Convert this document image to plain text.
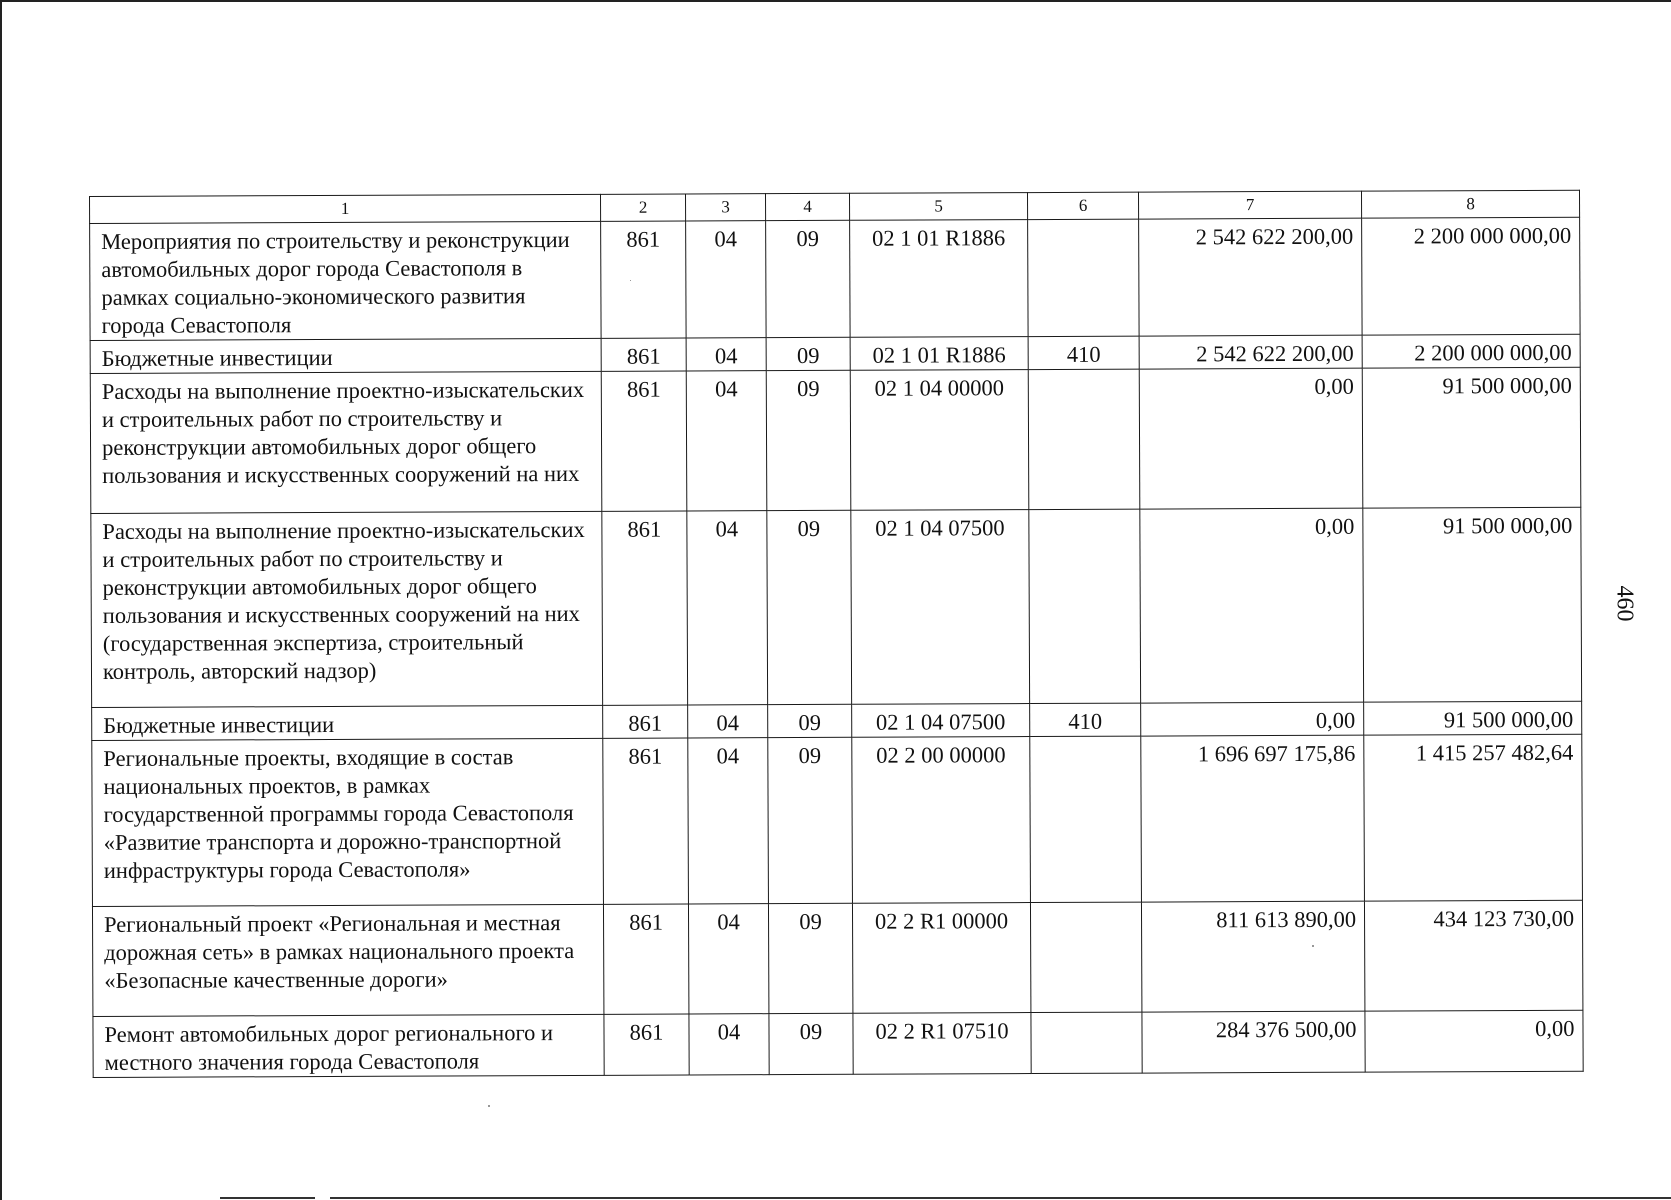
1	2	3	4	5	6	7	8
Мероприятия по строительству и реконструкции автомобильных дорог города Севастополя в рамках социально-экономического развития города Севастополя	861	04	09	02 1 01 R1886		2 542 622 200,00	2 200 000 000,00
Бюджетные инвестиции	861	04	09	02 1 01 R1886	410	2 542 622 200,00	2 200 000 000,00
Расходы на выполнение проектно-изыскательских и строительных работ по строительству и реконструкции автомобильных дорог общего пользования и искусственных сооружений на них	861	04	09	02 1 04 00000		0,00	91 500 000,00
Расходы на выполнение проектно-изыскательских и строительных работ по строительству и реконструкции автомобильных дорог общего пользования и искусственных сооружений на них (государственная экспертиза, строительный контроль, авторский надзор)	861	04	09	02 1 04 07500		0,00	91 500 000,00
Бюджетные инвестиции	861	04	09	02 1 04 07500	410	0,00	91 500 000,00
Региональные проекты, входящие в состав национальных проектов, в рамках государственной программы города Севастополя «Развитие транспорта и дорожно-транспортной инфраструктуры города Севастополя»	861	04	09	02 2 00 00000		1 696 697 175,86	1 415 257 482,64
Региональный проект «Региональная и местная дорожная сеть» в рамках национального проекта «Безопасные качественные дороги»	861	04	09	02 2 R1 00000		811 613 890,00	434 123 730,00
Ремонт автомобильных дорог регионального и местного значения города Севастополя	861	04	09	02 2 R1 07510		284 376 500,00	0,00
460
